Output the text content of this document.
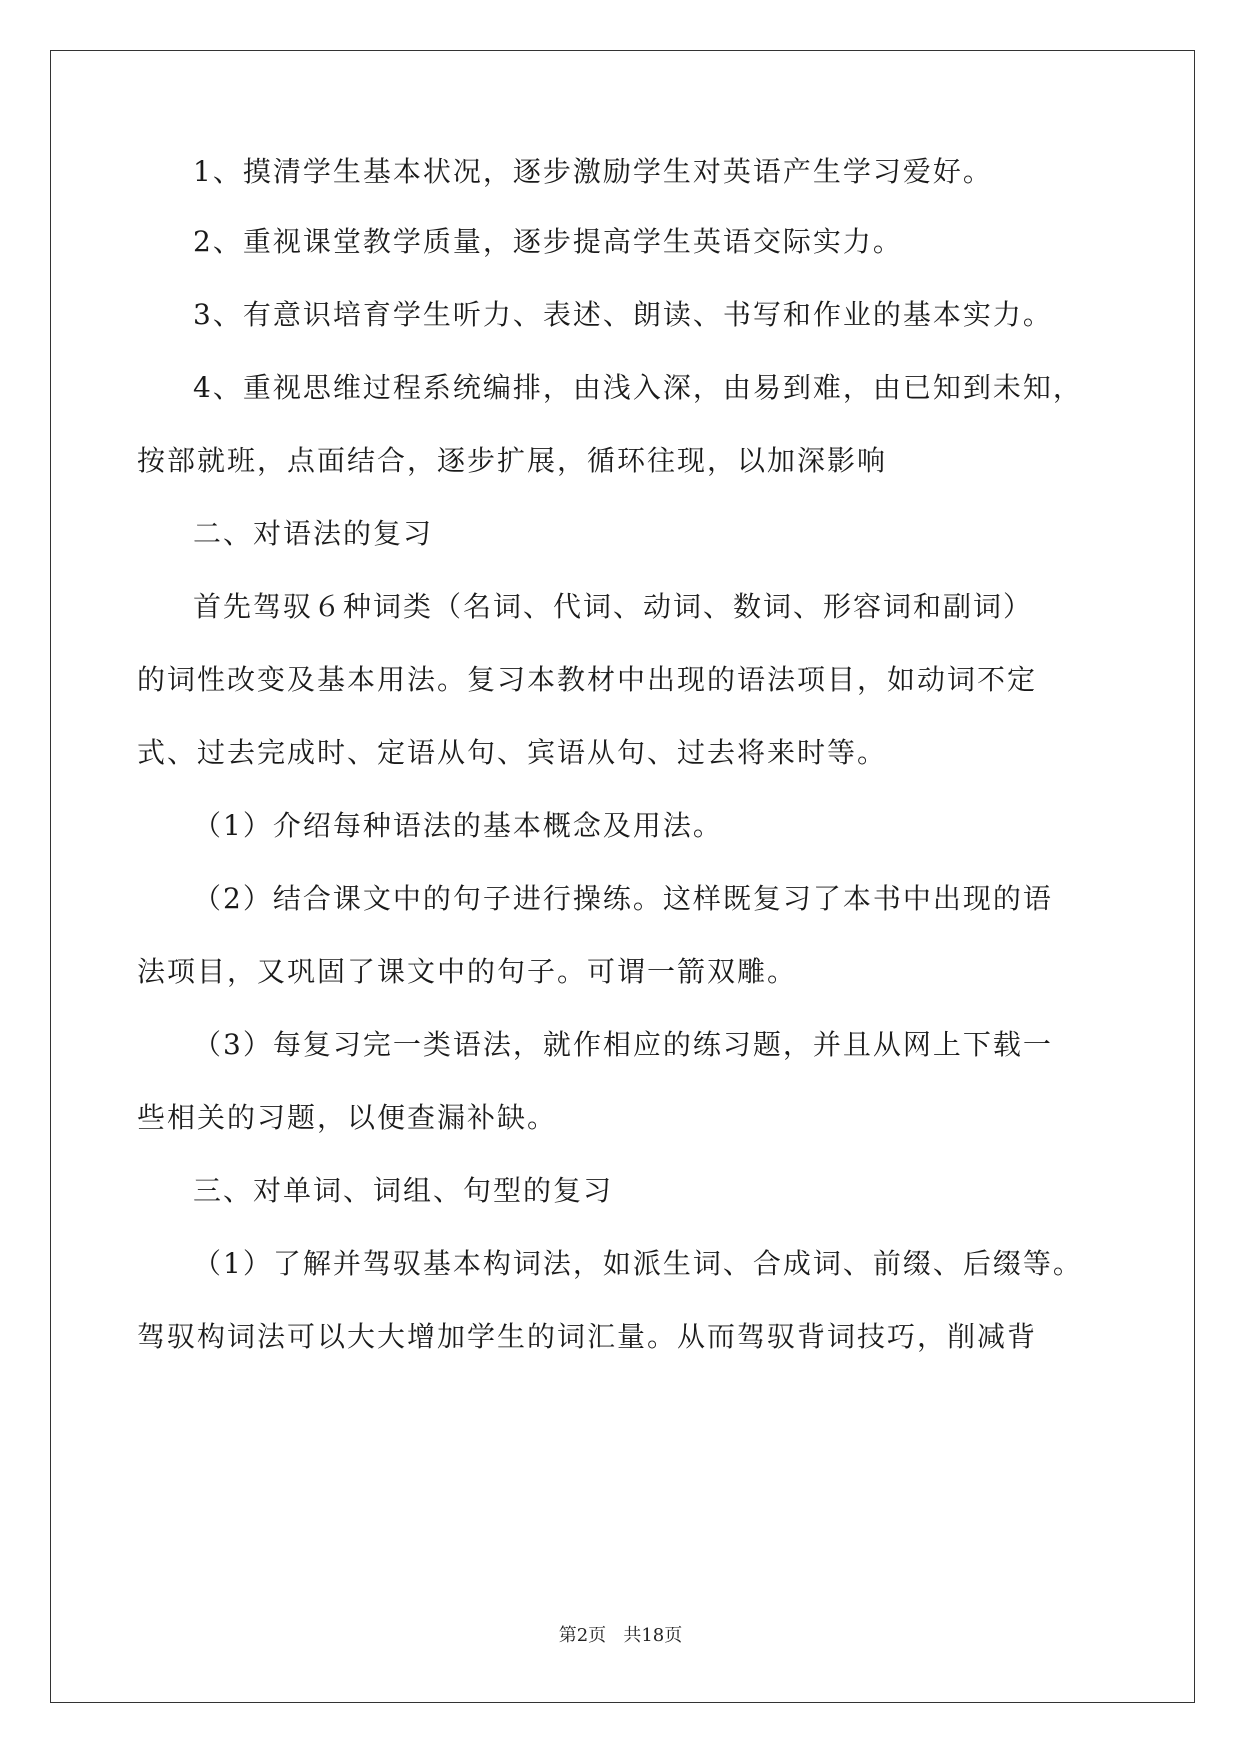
1、摸清学生基本状况，逐步激励学生对英语产生学习爱好。
2、重视课堂教学质量，逐步提高学生英语交际实力。
3、有意识培育学生听力、表述、朗读、书写和作业的基本实力。
4、重视思维过程系统编排，由浅入深，由易到难，由已知到未知，
按部就班，点面结合，逐步扩展，循环往现，以加深影响
二、对语法的复习
首先驾驭６种词类（名词、代词、动词、数词、形容词和副词）
的词性改变及基本用法。复习本教材中出现的语法项目，如动词不定
式、过去完成时、定语从句、宾语从句、过去将来时等。
（1）介绍每种语法的基本概念及用法。
（2）结合课文中的句子进行操练。这样既复习了本书中出现的语
法项目，又巩固了课文中的句子。可谓一箭双雕。
（3）每复习完一类语法，就作相应的练习题，并且从网上下载一
些相关的习题，以便查漏补缺。
三、对单词、词组、句型的复习
（1）了解并驾驭基本构词法，如派生词、合成词、前缀、后缀等。
驾驭构词法可以大大增加学生的词汇量。从而驾驭背词技巧，削减背
第2页 共18页
